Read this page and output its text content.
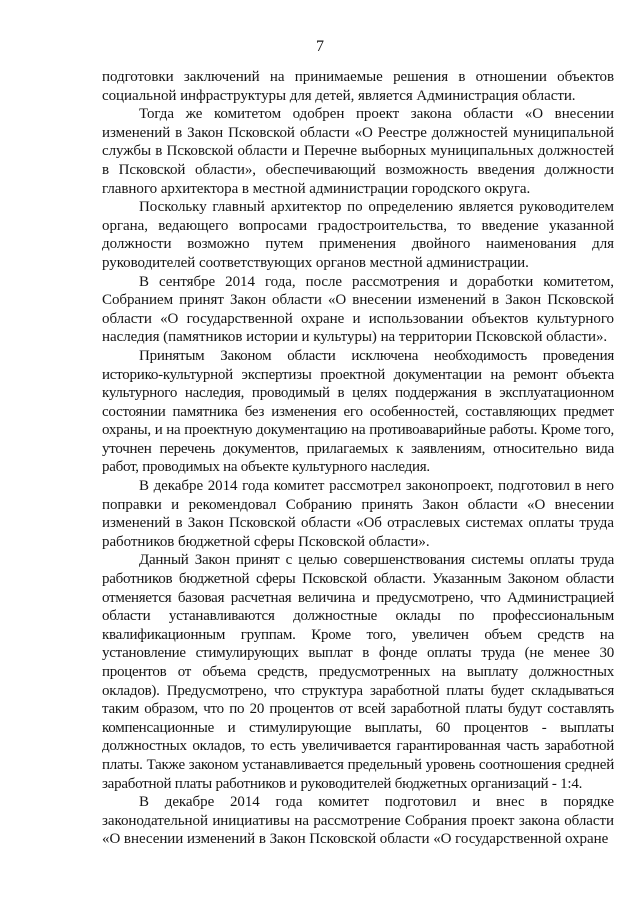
7

подготовки заключений на принимаемые решения в отношении объектов социальной инфраструктуры для детей, является Администрация области.

Тогда же комитетом одобрен проект закона области «О внесении изменений в Закон Псковской области «О Реестре должностей муниципальной службы в Псковской области и Перечне выборных муниципальных должностей в Псковской области», обеспечивающий возможность введения должности главного архитектора в местной администрации городского округа.

Поскольку главный архитектор по определению является руководителем органа, ведающего вопросами градостроительства, то введение указанной должности возможно путем применения двойного наименования для руководителей соответствующих органов местной администрации.

В сентябре 2014 года, после рассмотрения и доработки комитетом, Собранием принят Закон области «О внесении изменений в Закон Псковской области «О государственной охране и использовании объектов культурного наследия (памятников истории и культуры) на территории Псковской области».

Принятым Законом области исключена необходимость проведения историко-культурной экспертизы проектной документации на ремонт объекта культурного наследия, проводимый в целях поддержания в эксплуатационном состоянии памятника без изменения его особенностей, составляющих предмет охраны, и на проектную документацию на противоаварийные работы. Кроме того, уточнен перечень документов, прилагаемых к заявлениям, относительно вида работ, проводимых на объекте культурного наследия.

В декабре 2014 года комитет рассмотрел законопроект, подготовил в него поправки и рекомендовал Собранию принять Закон области «О внесении изменений в Закон Псковской области «Об отраслевых системах оплаты труда работников бюджетной сферы Псковской области».

Данный Закон принят с целью совершенствования системы оплаты труда работников бюджетной сферы Псковской области. Указанным Законом области отменяется базовая расчетная величина и предусмотрено, что Администрацией области устанавливаются должностные оклады по профессиональным квалификационным группам. Кроме того, увеличен объем средств на установление стимулирующих выплат в фонде оплаты труда (не менее 30 процентов от объема средств, предусмотренных на выплату должностных окладов). Предусмотрено, что структура заработной платы будет складываться таким образом, что по 20 процентов от всей заработной платы будут составлять компенсационные и стимулирующие выплаты, 60 процентов - выплаты должностных окладов, то есть увеличивается гарантированная часть заработной платы. Также законом устанавливается предельный уровень соотношения средней заработной платы работников и руководителей бюджетных организаций - 1:4.

В декабре 2014 года комитет подготовил и внес в порядке законодательной инициативы на рассмотрение Собрания проект закона области «О внесении изменений в Закон Псковской области «О государственной охране
